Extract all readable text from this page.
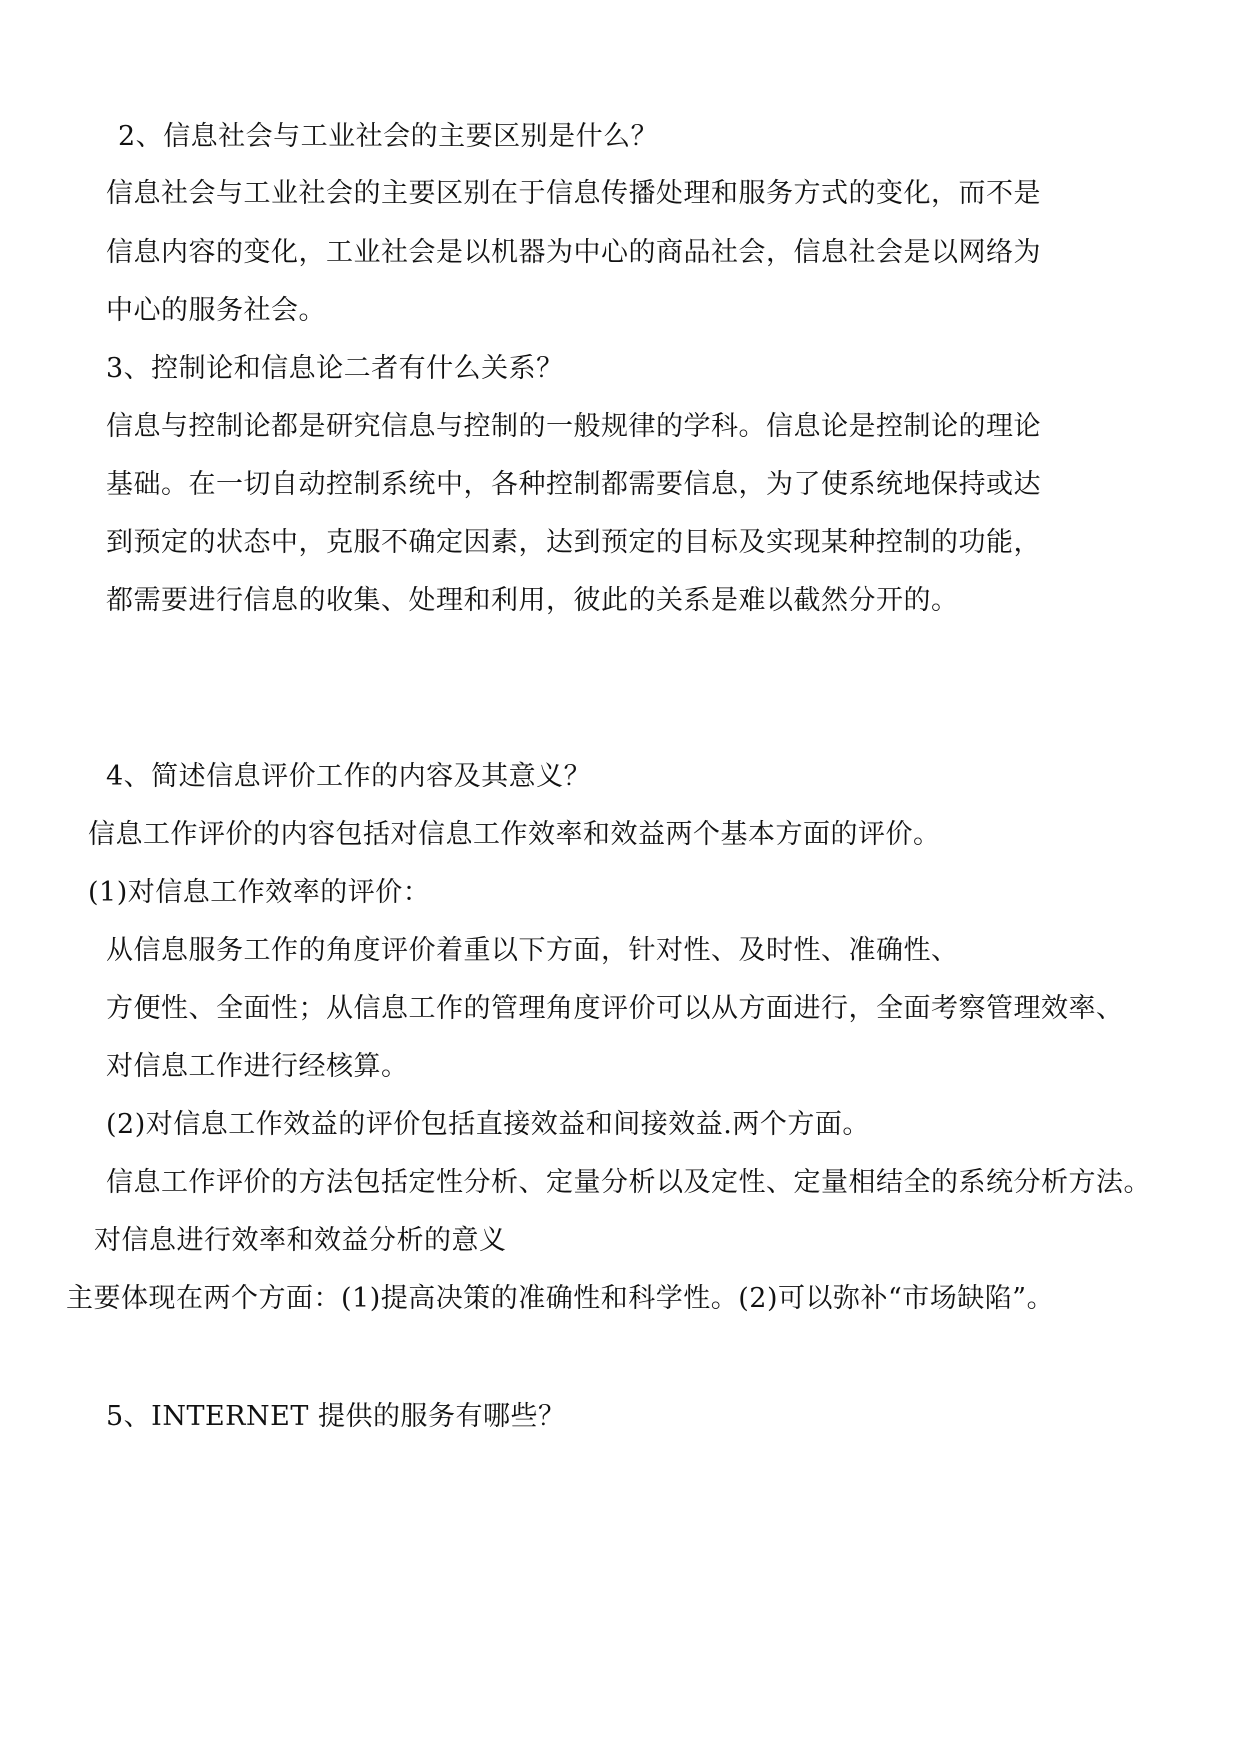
2、信息社会与工业社会的主要区别是什么？
信息社会与工业社会的主要区别在于信息传播处理和服务方式的变化，而不是
信息内容的变化，工业社会是以机器为中心的商品社会，信息社会是以网络为
中心的服务社会。
3、控制论和信息论二者有什么关系？
信息与控制论都是研究信息与控制的一般规律的学科。信息论是控制论的理论
基础。在一切自动控制系统中，各种控制都需要信息，为了使系统地保持或达
到预定的状态中，克服不确定因素，达到预定的目标及实现某种控制的功能，
都需要进行信息的收集、处理和利用，彼此的关系是难以截然分开的。
4、简述信息评价工作的内容及其意义？
信息工作评价的内容包括对信息工作效率和效益两个基本方面的评价。
(1)对信息工作效率的评价：
从信息服务工作的角度评价着重以下方面，针对性、及时性、准确性、
方便性、全面性；从信息工作的管理角度评价可以从方面进行，全面考察管理效率、
对信息工作进行经核算。
(2)对信息工作效益的评价包括直接效益和间接效益.两个方面。
信息工作评价的方法包括定性分析、定量分析以及定性、定量相结全的系统分析方法。
对信息进行效率和效益分析的意义
主要体现在两个方面：(1)提高决策的准确性和科学性。(2)可以弥补“市场缺陷”。
5、INTERNET 提供的服务有哪些？
